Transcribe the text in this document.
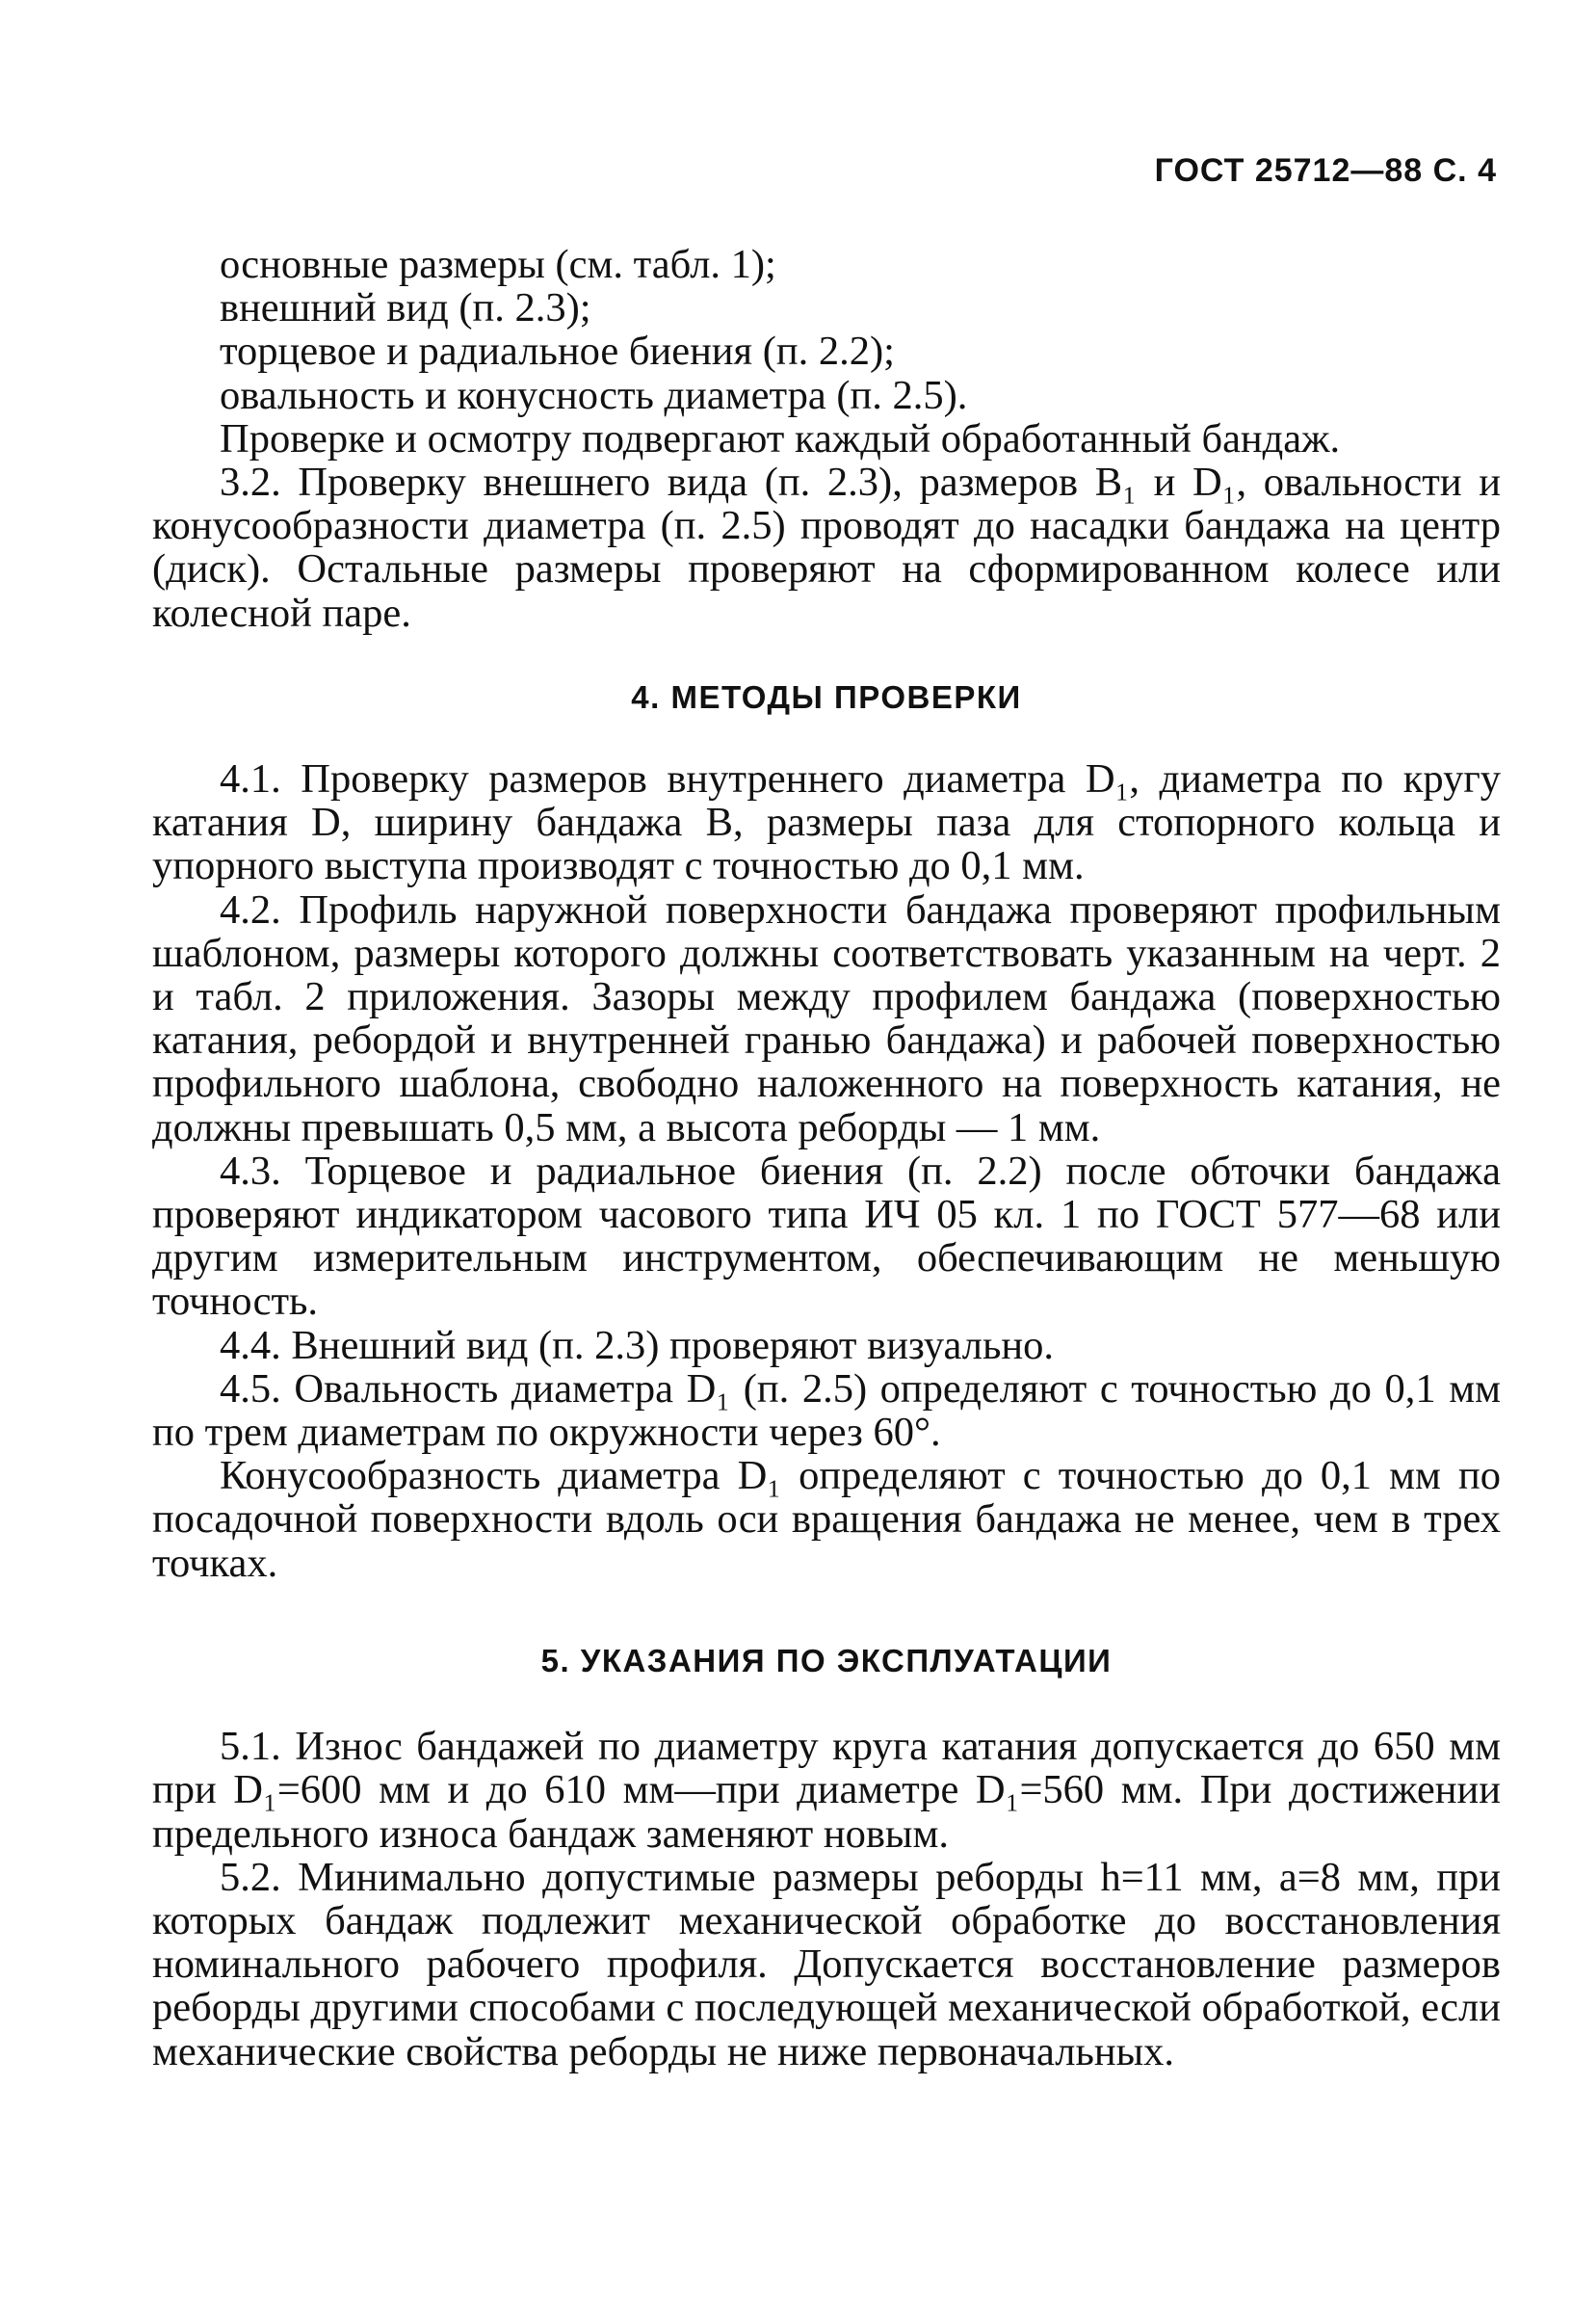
ГОСТ 25712—88 С. 4
основные размеры (см. табл. 1);
внешний вид (п. 2.3);
торцевое и радиальное биения (п. 2.2);
овальность и конусность диаметра (п. 2.5).

Проверке и осмотру подвергают каждый обработанный бандаж.

3.2. Проверку внешнего вида (п. 2.3), размеров B₁ и D₁, овальности и конусообразности диаметра (п. 2.5) проводят до насадки бандажа на центр (диск). Остальные размеры проверяют на сформированном колесе или колесной паре.

4. МЕТОДЫ ПРОВЕРКИ

4.1. Проверку размеров внутреннего диаметра D₁, диаметра по кругу катания D, ширину бандажа B, размеры паза для стопорного кольца и упорного выступа производят с точностью до 0,1 мм.

4.2. Профиль наружной поверхности бандажа проверяют профильным шаблоном, размеры которого должны соответствовать указанным на черт. 2 и табл. 2 приложения. Зазоры между профилем бандажа (поверхностью катания, ребордой и внутренней гранью бандажа) и рабочей поверхностью профильного шаблона, свободно наложенного на поверхность катания, не должны превышать 0,5 мм, а высота реборды — 1 мм.

4.3. Торцевое и радиальное биения (п. 2.2) после обточки бандажа проверяют индикатором часового типа ИЧ 05 кл. 1 по ГОСТ 577—68 или другим измерительным инструментом, обеспечивающим не меньшую точность.

4.4. Внешний вид (п. 2.3) проверяют визуально.

4.5. Овальность диаметра D₁ (п. 2.5) определяют с точностью до 0,1 мм по трем диаметрам по окружности через 60°.

Конусообразность диаметра D₁ определяют с точностью до 0,1 мм по посадочной поверхности вдоль оси вращения бандажа не менее, чем в трех точках.

5. УКАЗАНИЯ ПО ЭКСПЛУАТАЦИИ

5.1. Износ бандажей по диаметру круга катания допускается до 650 мм при D₁=600 мм и до 610 мм—при диаметре D₁=560 мм. При достижении предельного износа бандаж заменяют новым.

5.2. Минимально допустимые размеры реборды h=11 мм, a=8 мм, при которых бандаж подлежит механической обработке до восстановления номинального рабочего профиля. Допускается восстановление размеров реборды другими способами с последующей механической обработкой, если механические свойства реборды не ниже первоначальных.
